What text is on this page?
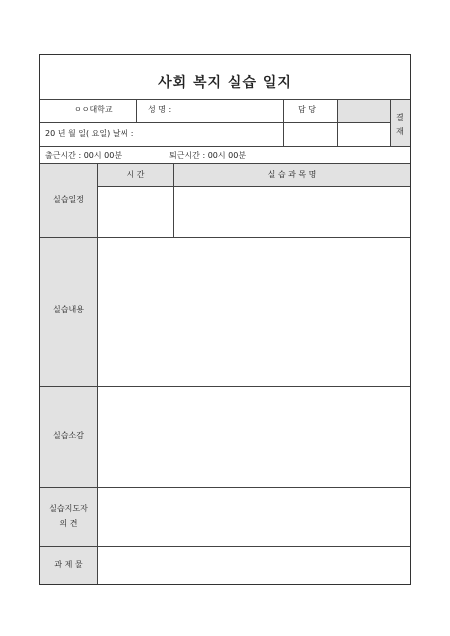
사회 복지 실습 일지
결
재
ㅇㅇ대학교	성 명 :	담 당
20 년 월 일( 요일) 날씨 :
출근시간 : 00시 00분	퇴근시간 : 00시 00분
시 간	실 습 과 목 명
실습일정
실습내용
실습소감
실습지도자
의 견
과 제 물
